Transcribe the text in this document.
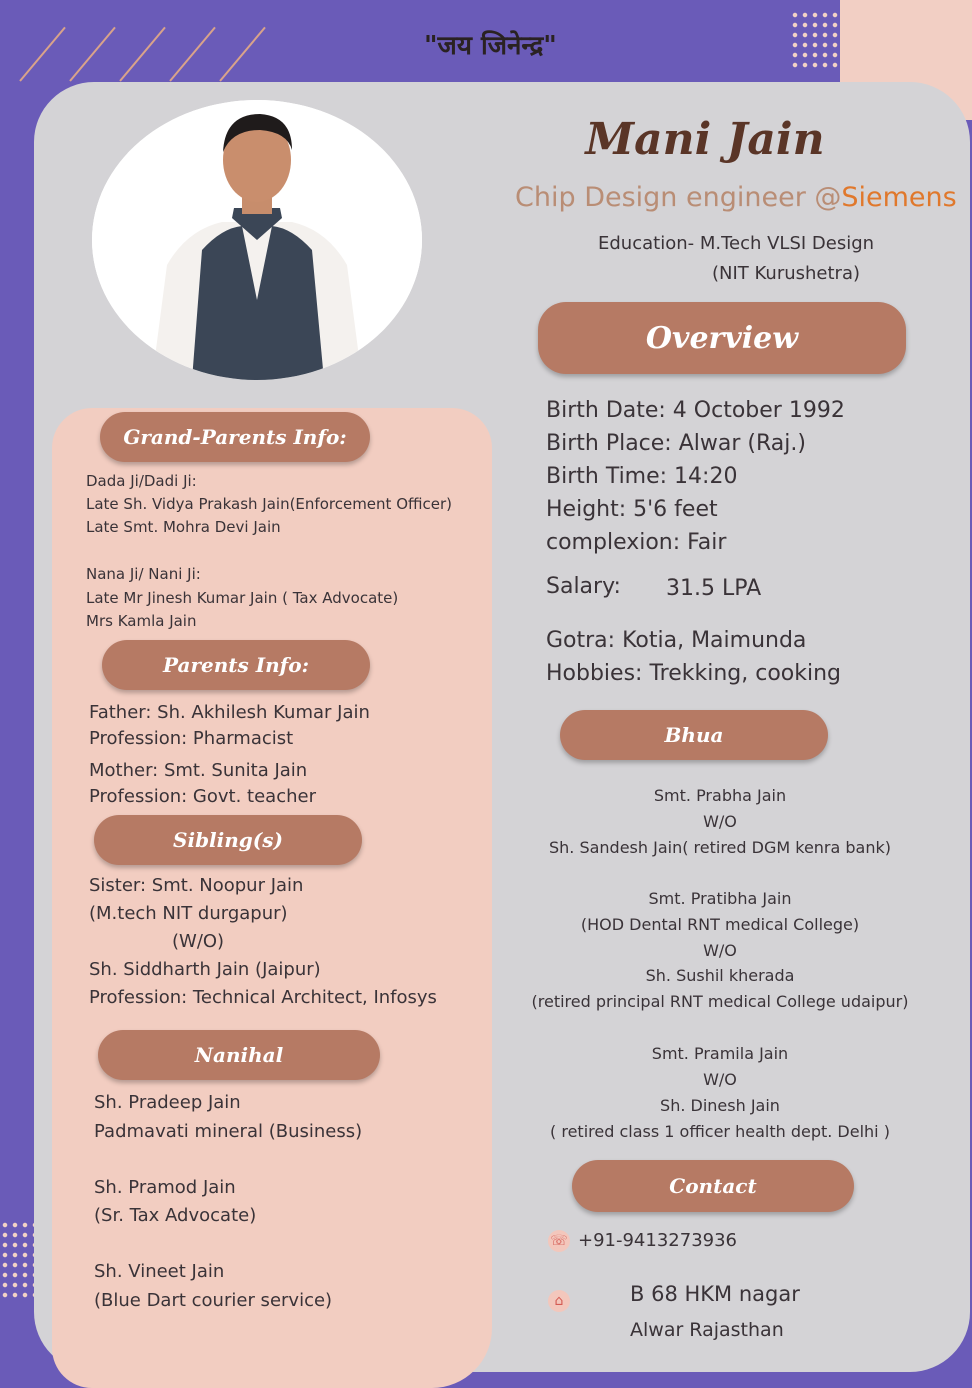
"जय जिनेन्द्र"
Mani Jain
Chip Design engineer @Siemens
Education- M.Tech VLSI Design
(NIT Kurushetra)
Overview
Birth Date: 4 October 1992
Birth Place: Alwar (Raj.)
Birth Time: 14:20
Height: 5'6 feet
complexion: Fair
Salary: 31.5 LPA
Gotra: Kotia, Maimunda
Hobbies: Trekking, cooking
Grand-Parents Info:
Dada Ji/Dadi Ji:
Late Sh. Vidya Prakash Jain(Enforcement Officer)
Late Smt. Mohra Devi Jain
Nana Ji/ Nani Ji:
Late Mr Jinesh Kumar Jain ( Tax Advocate)
Mrs Kamla Jain
Parents Info:
Father: Sh. Akhilesh Kumar Jain
Profession: Pharmacist
Mother: Smt. Sunita Jain
Profession: Govt. teacher
Sibling(s)
Sister: Smt. Noopur Jain
(M.tech NIT durgapur)
(W/O)
Sh. Siddharth Jain (Jaipur)
Profession: Technical Architect, Infosys
Nanihal
Sh. Pradeep Jain
Padmavati mineral (Business)
Sh. Pramod Jain
(Sr. Tax Advocate)
Sh. Vineet Jain
(Blue Dart courier service)
Bhua
Smt. Prabha Jain
W/O
Sh. Sandesh Jain( retired DGM kenra bank)
Smt. Pratibha Jain
(HOD Dental RNT medical College)
W/O
Sh. Sushil kherada
(retired principal RNT medical College udaipur)
Smt. Pramila Jain
W/O
Sh. Dinesh Jain
( retired class 1 officer health dept. Delhi )
Contact
☏ +91-9413273936
⌂	B 68 HKM nagar
Alwar Rajasthan
